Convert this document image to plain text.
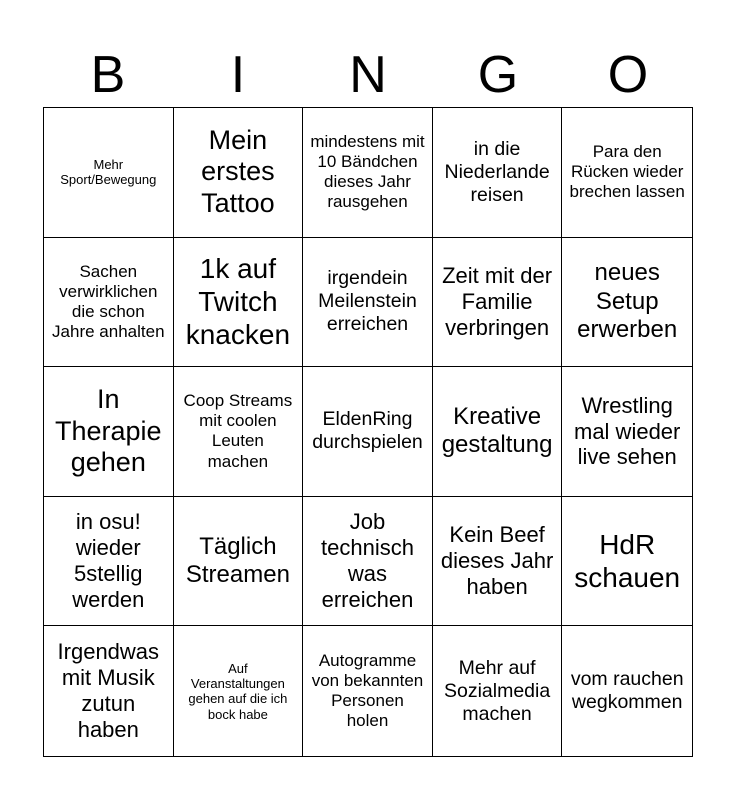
B	I	N	G	O
Mehr Sport/Bewegung
Mein erstes Tattoo
mindestens mit 10 Bändchen dieses Jahr rausgehen
in die Niederlande reisen
Para den Rücken wieder brechen lassen
Sachen verwirklichen die schon Jahre anhalten
1k auf Twitch knacken
irgendein Meilenstein erreichen
Zeit mit der Familie verbringen
neues Setup erwerben
In Therapie gehen
Coop Streams mit coolen Leuten machen
EldenRing durchspielen
Kreative gestaltung
Wrestling mal wieder live sehen
in osu! wieder 5stellig werden
Täglich Streamen
Job technisch was erreichen
Kein Beef dieses Jahr haben
HdR schauen
Irgendwas mit Musik zutun haben
Auf Veranstaltungen gehen auf die ich bock habe
Autogramme von bekannten Personen holen
Mehr auf Sozialmedia machen
vom rauchen wegkommen
